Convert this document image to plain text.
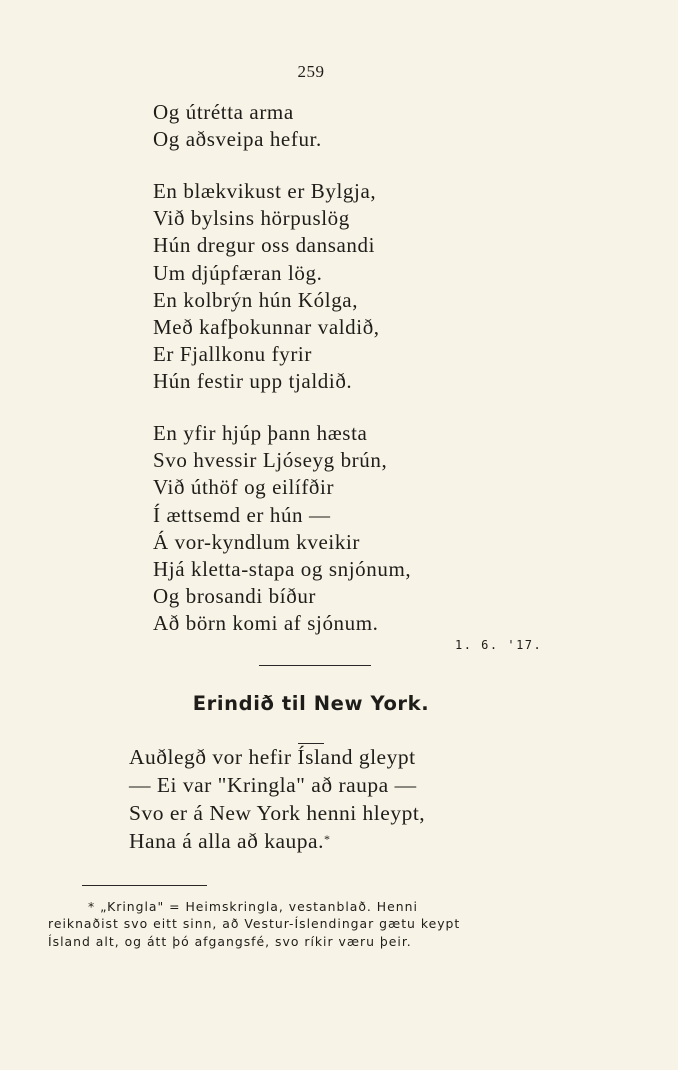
259
Og útrétta arma
Og aðsveipa hefur.
En blækvikust er Bylgja,
Við bylsins hörpuslög
Hún dregur oss dansandi
Um djúpfæran lög.
En kolbrýn hún Kólga,
Með kafþokunnar valdið,
Er Fjallkonu fyrir
Hún festir upp tjaldið.
En yfir hjúp þann hæsta
Svo hvessir Ljóseyg brún,
Við úthöf og eilífðir
Í ættsemd er hún —
Á vor-kyndlum kveikir
Hjá kletta-stapa og snjónum,
Og brosandi bíður
Að börn komi af sjónum.
1. 6. '17.
Erindið til New York.
Auðlegð vor hefir Ísland gleypt
— Ei var "Kringla" að raupa —
Svo er á New York henni hleypt,
Hana á alla að kaupa.*
* „Kringla" = Heimskringla, vestanblað. Henni
reiknaðist svo eitt sinn, að Vestur-Íslendingar gætu keypt
Ísland alt, og átt þó afgangsfé, svo ríkir væru þeir.
